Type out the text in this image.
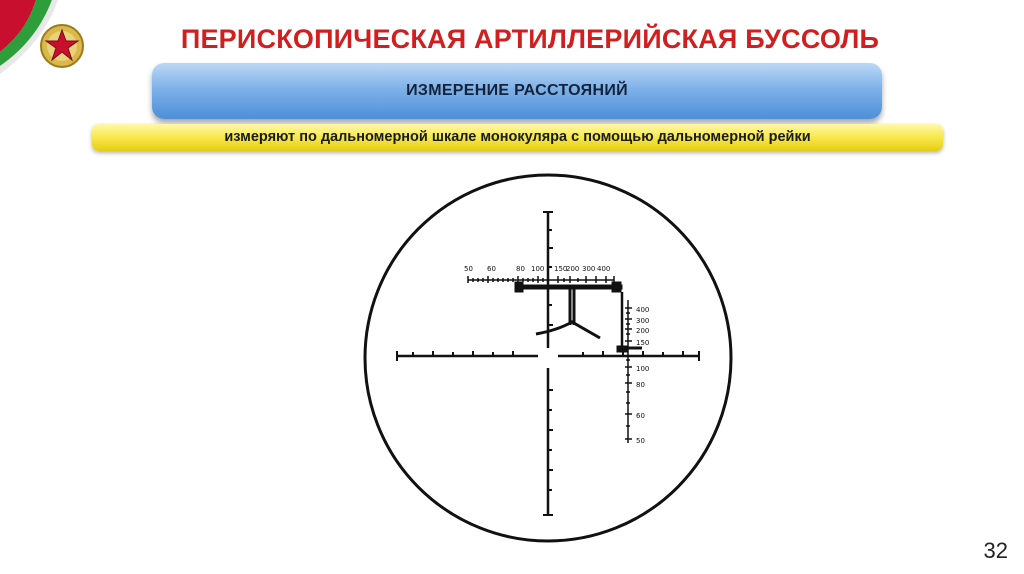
ПЕРИСКОПИЧЕСКАЯ АРТИЛЛЕРИЙСКАЯ БУССОЛЬ
ИЗМЕРЕНИЕ РАССТОЯНИЙ
измеряют по дальномерной шкале монокуляра с помощью дальномерной рейки
50 60	80 100 150
200 300 400
400
300
200
150
100
80
60
50
32
